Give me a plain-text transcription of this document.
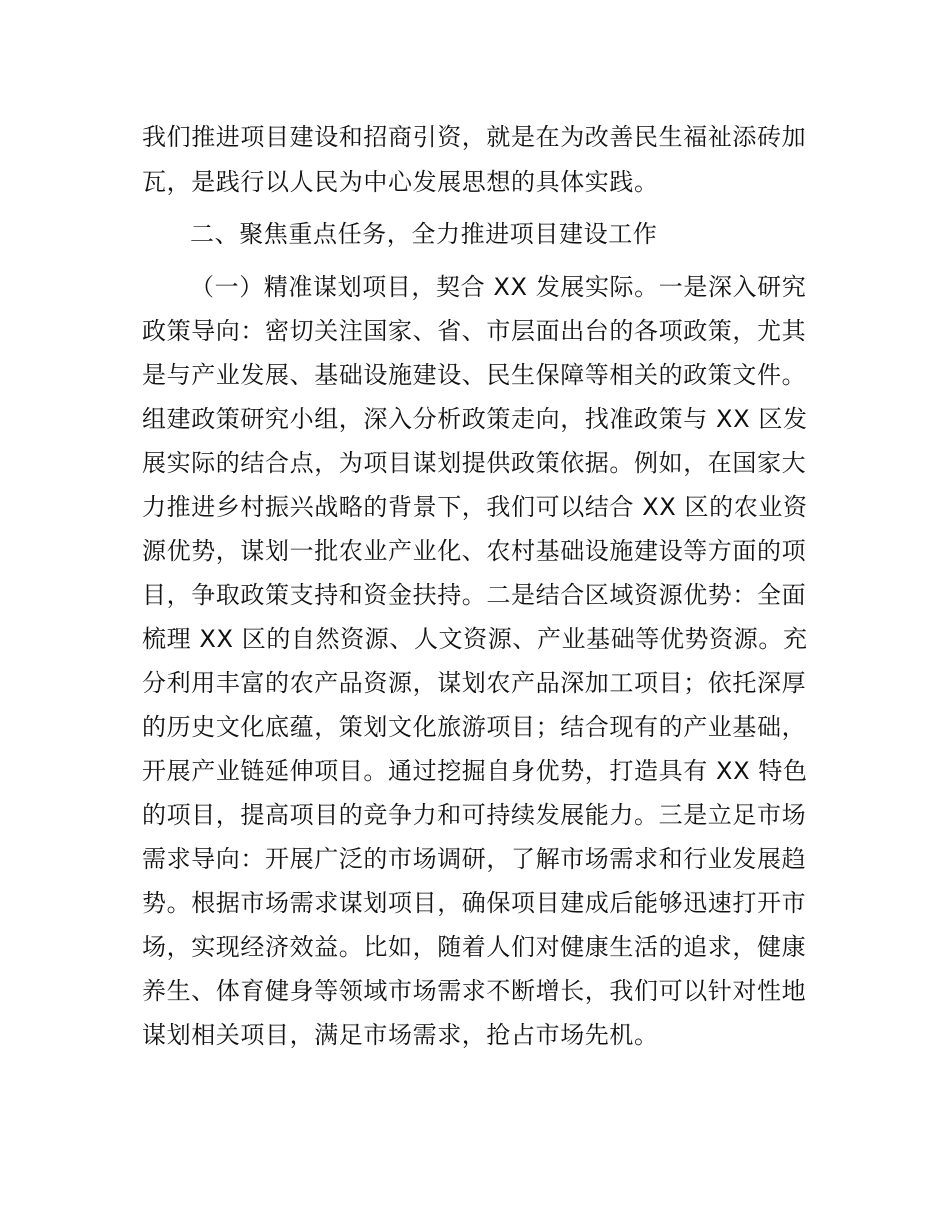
我们推进项目建设和招商引资，就是在为改善民生福祉添砖加
瓦，是践行以人民为中心发展思想的具体实践。
二、聚焦重点任务，全力推进项目建设工作
（一）精准谋划项目，契合 XX 发展实际。一是深入研究
政策导向：密切关注国家、省、市层面出台的各项政策，尤其
是与产业发展、基础设施建设、民生保障等相关的政策文件。
组建政策研究小组，深入分析政策走向，找准政策与 XX 区发
展实际的结合点，为项目谋划提供政策依据。例如，在国家大
力推进乡村振兴战略的背景下，我们可以结合 XX 区的农业资
源优势，谋划一批农业产业化、农村基础设施建设等方面的项
目，争取政策支持和资金扶持。二是结合区域资源优势：全面
梳理 XX 区的自然资源、人文资源、产业基础等优势资源。充
分利用丰富的农产品资源，谋划农产品深加工项目；依托深厚
的历史文化底蕴，策划文化旅游项目；结合现有的产业基础，
开展产业链延伸项目。通过挖掘自身优势，打造具有 XX 特色
的项目，提高项目的竞争力和可持续发展能力。三是立足市场
需求导向：开展广泛的市场调研，了解市场需求和行业发展趋
势。根据市场需求谋划项目，确保项目建成后能够迅速打开市
场，实现经济效益。比如，随着人们对健康生活的追求，健康
养生、体育健身等领域市场需求不断增长，我们可以针对性地
谋划相关项目，满足市场需求，抢占市场先机。
